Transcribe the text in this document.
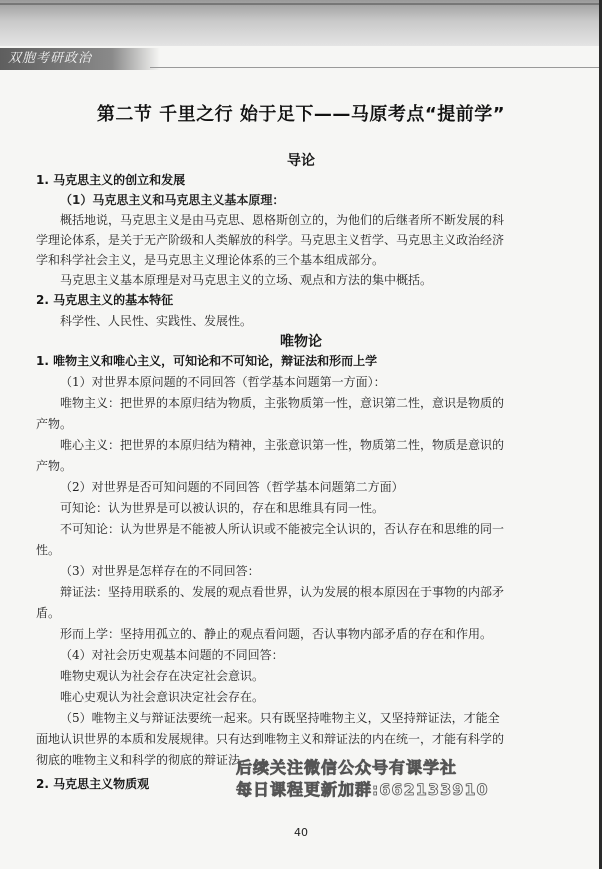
双胞考研政治
第二节 千里之行 始于足下——马原考点“提前学”
导论
1. 马克思主义的创立和发展
（1）马克思主义和马克思主义基本原理：
概括地说，马克思主义是由马克思、恩格斯创立的，为他们的后继者所不断发展的科
学理论体系，是关于无产阶级和人类解放的科学。马克思主义哲学、马克思主义政治经济
学和科学社会主义，是马克思主义理论体系的三个基本组成部分。
马克思主义基本原理是对马克思主义的立场、观点和方法的集中概括。
2. 马克思主义的基本特征
科学性、人民性、实践性、发展性。
唯物论
1. 唯物主义和唯心主义，可知论和不可知论，辩证法和形而上学
（1）对世界本原问题的不同回答（哲学基本问题第一方面）：
唯物主义：把世界的本原归结为物质，主张物质第一性，意识第二性，意识是物质的
产物。
唯心主义：把世界的本原归结为精神，主张意识第一性，物质第二性，物质是意识的
产物。
（2）对世界是否可知问题的不同回答（哲学基本问题第二方面）
可知论：认为世界是可以被认识的，存在和思维具有同一性。
不可知论：认为世界是不能被人所认识或不能被完全认识的，否认存在和思维的同一
性。
（3）对世界是怎样存在的不同回答：
辩证法：坚持用联系的、发展的观点看世界，认为发展的根本原因在于事物的内部矛
盾。
形而上学：坚持用孤立的、静止的观点看问题，否认事物内部矛盾的存在和作用。
（4）对社会历史观基本问题的不同回答：
唯物史观认为社会存在决定社会意识。
唯心史观认为社会意识决定社会存在。
（5）唯物主义与辩证法要统一起来。只有既坚持唯物主义，又坚持辩证法，才能全
面地认识世界的本质和发展规律。只有达到唯物主义和辩证法的内在统一，才能有科学的
彻底的唯物主义和科学的彻底的辩证法。
2. 马克思主义物质观
后续关注微信公众号有课学社
每日课程更新加群:662133910
40
